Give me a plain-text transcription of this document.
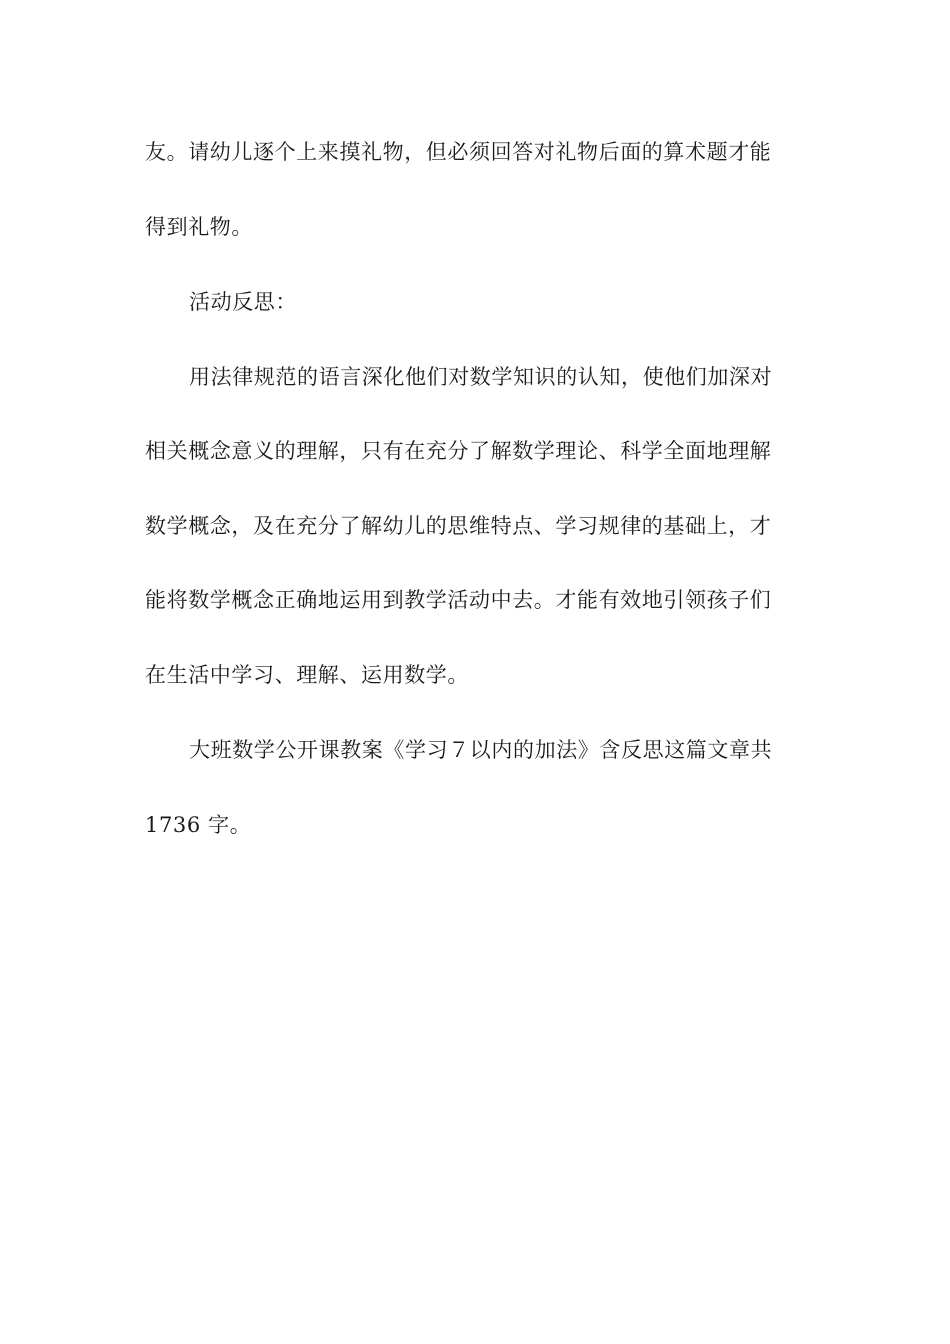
友。请幼儿逐个上来摸礼物，但必须回答对礼物后面的算术题才能
得到礼物。
活动反思：
用法律规范的语言深化他们对数学知识的认知，使他们加深对
相关概念意义的理解，只有在充分了解数学理论、科学全面地理解
数学概念，及在充分了解幼儿的思维特点、学习规律的基础上，才
能将数学概念正确地运用到教学活动中去。才能有效地引领孩子们
在生活中学习、理解、运用数学。
大班数学公开课教案《学习７以内的加法》含反思这篇文章共
1736 字。
